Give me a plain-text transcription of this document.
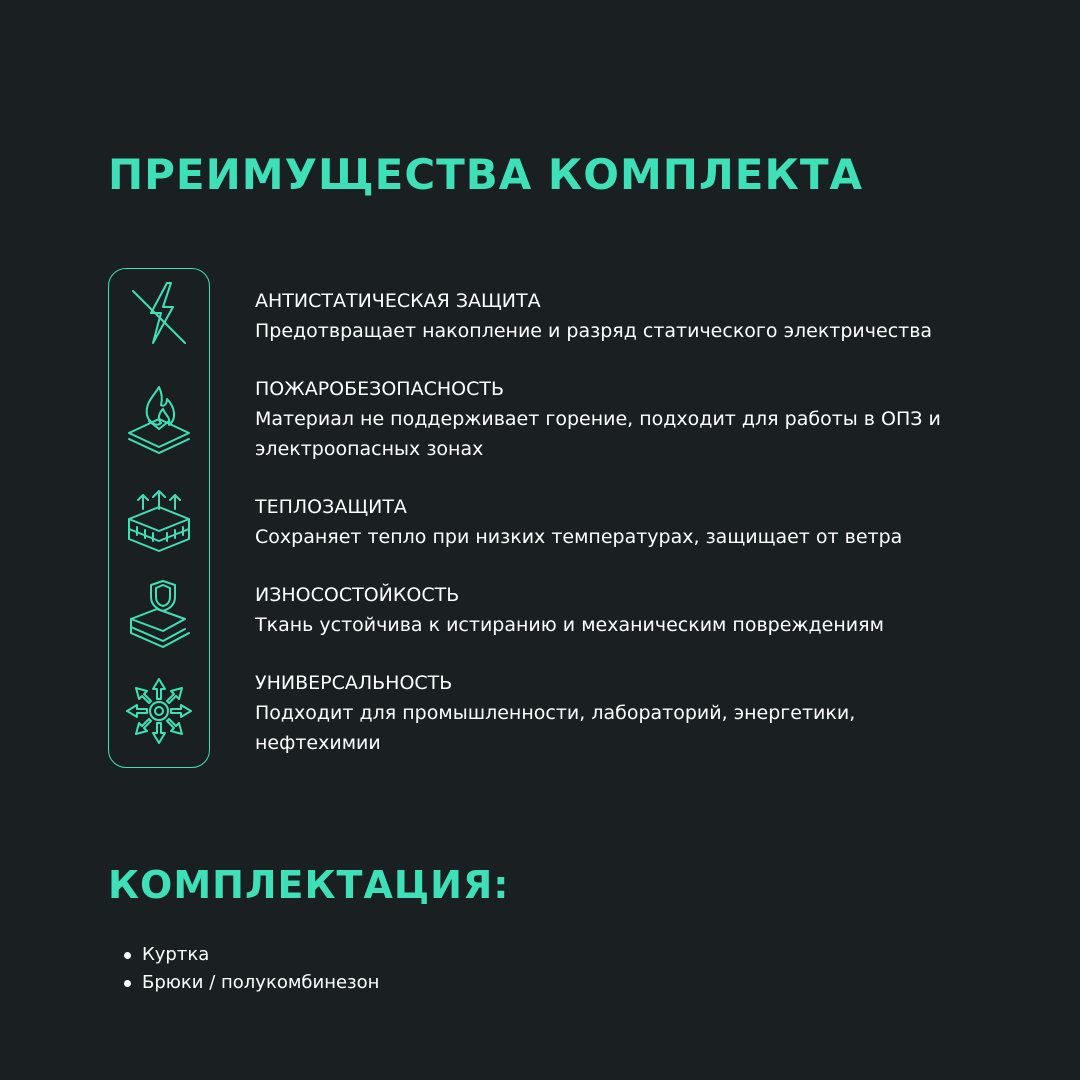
ПРЕИМУЩЕСТВА КОМПЛЕКТА
АНТИСТАТИЧЕСКАЯ ЗАЩИТА
Предотвращает накопление и разряд статического электричества
ПОЖАРОБЕЗОПАСНОСТЬ
Материал не поддерживает горение, подходит для работы в ОПЗ и электроопасных зонах
ТЕПЛОЗАЩИТА
Сохраняет тепло при низких температурах, защищает от ветра
ИЗНОСОСТОЙКОСТЬ
Ткань устойчива к истиранию и механическим повреждениям
УНИВЕРСАЛЬНОСТЬ
Подходит для промышленности, лабораторий, энергетики, нефтехимии
КОМПЛЕКТАЦИЯ:
Куртка
Брюки / полукомбинезон
